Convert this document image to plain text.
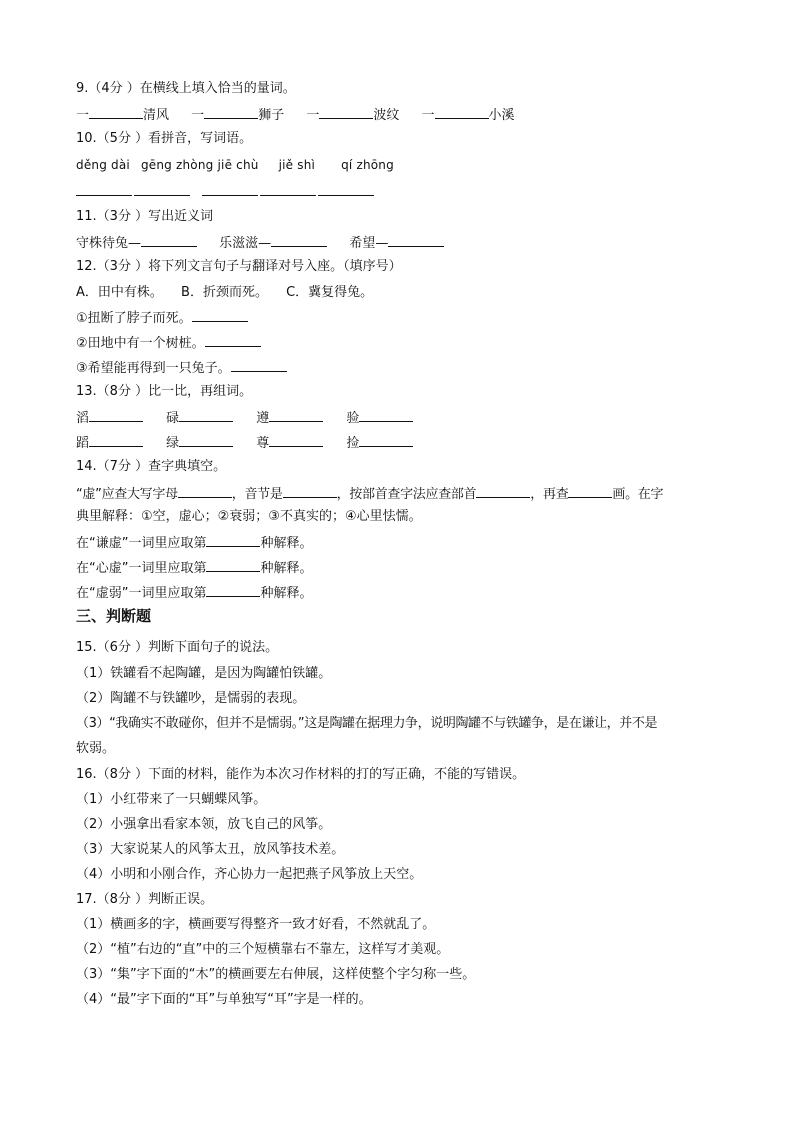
9.（4分 ）在横线上填入恰当的量词。
一	清风 一	狮子 一	波纹 一	小溪
10.（5分 ）看拼音，写词语。
děng dài gēng zhòng jiē chù jiě shì qí zhōng
11.（3分 ）写出近义词
守株待兔—	乐滋滋—	希望—
12.（3分 ）将下列文言句子与翻译对号入座。（填序号）
A．田中有株。 B．折颈而死。 C．冀复得兔。
①扭断了脖子而死。
②田地中有一个树桩。
③希望能再得到一只兔子。
13.（8分 ）比一比，再组词。
滔	碌	遵	验
蹈	绿	尊	捡
14.（7分 ）查字典填空。
“虚”应查大写字母	，音节是	，按部首查字法应查部首	，再查	画。在字
典里解释：①空，虚心；②衰弱；③不真实的；④心里怯懦。
在“谦虚”一词里应取第	种解释。
在“心虚”一词里应取第	种解释。
在“虚弱”一词里应取第	种解释。
三、判断题
15.（6分 ）判断下面句子的说法。
（1）铁罐看不起陶罐，是因为陶罐怕铁罐。
（2）陶罐不与铁罐吵，是懦弱的表现。
（3）“我确实不敢碰你，但并不是懦弱。”这是陶罐在据理力争，说明陶罐不与铁罐争，是在谦让，并不是
软弱。
16.（8分 ）下面的材料，能作为本次习作材料的打的写正确，不能的写错误。
（1）小红带来了一只蝴蝶风筝。
（2）小强拿出看家本领，放飞自己的风筝。
（3）大家说某人的风筝太丑，放风筝技术差。
（4）小明和小刚合作，齐心协力一起把燕子风筝放上天空。
17.（8分 ）判断正误。
（1）横画多的字，横画要写得整齐一致才好看，不然就乱了。
（2）“植”右边的“直”中的三个短横靠右不靠左，这样写才美观。
（3）“集”字下面的“木”的横画要左右伸展，这样使整个字匀称一些。
（4）“最”字下面的“耳”与单独写“耳”字是一样的。
